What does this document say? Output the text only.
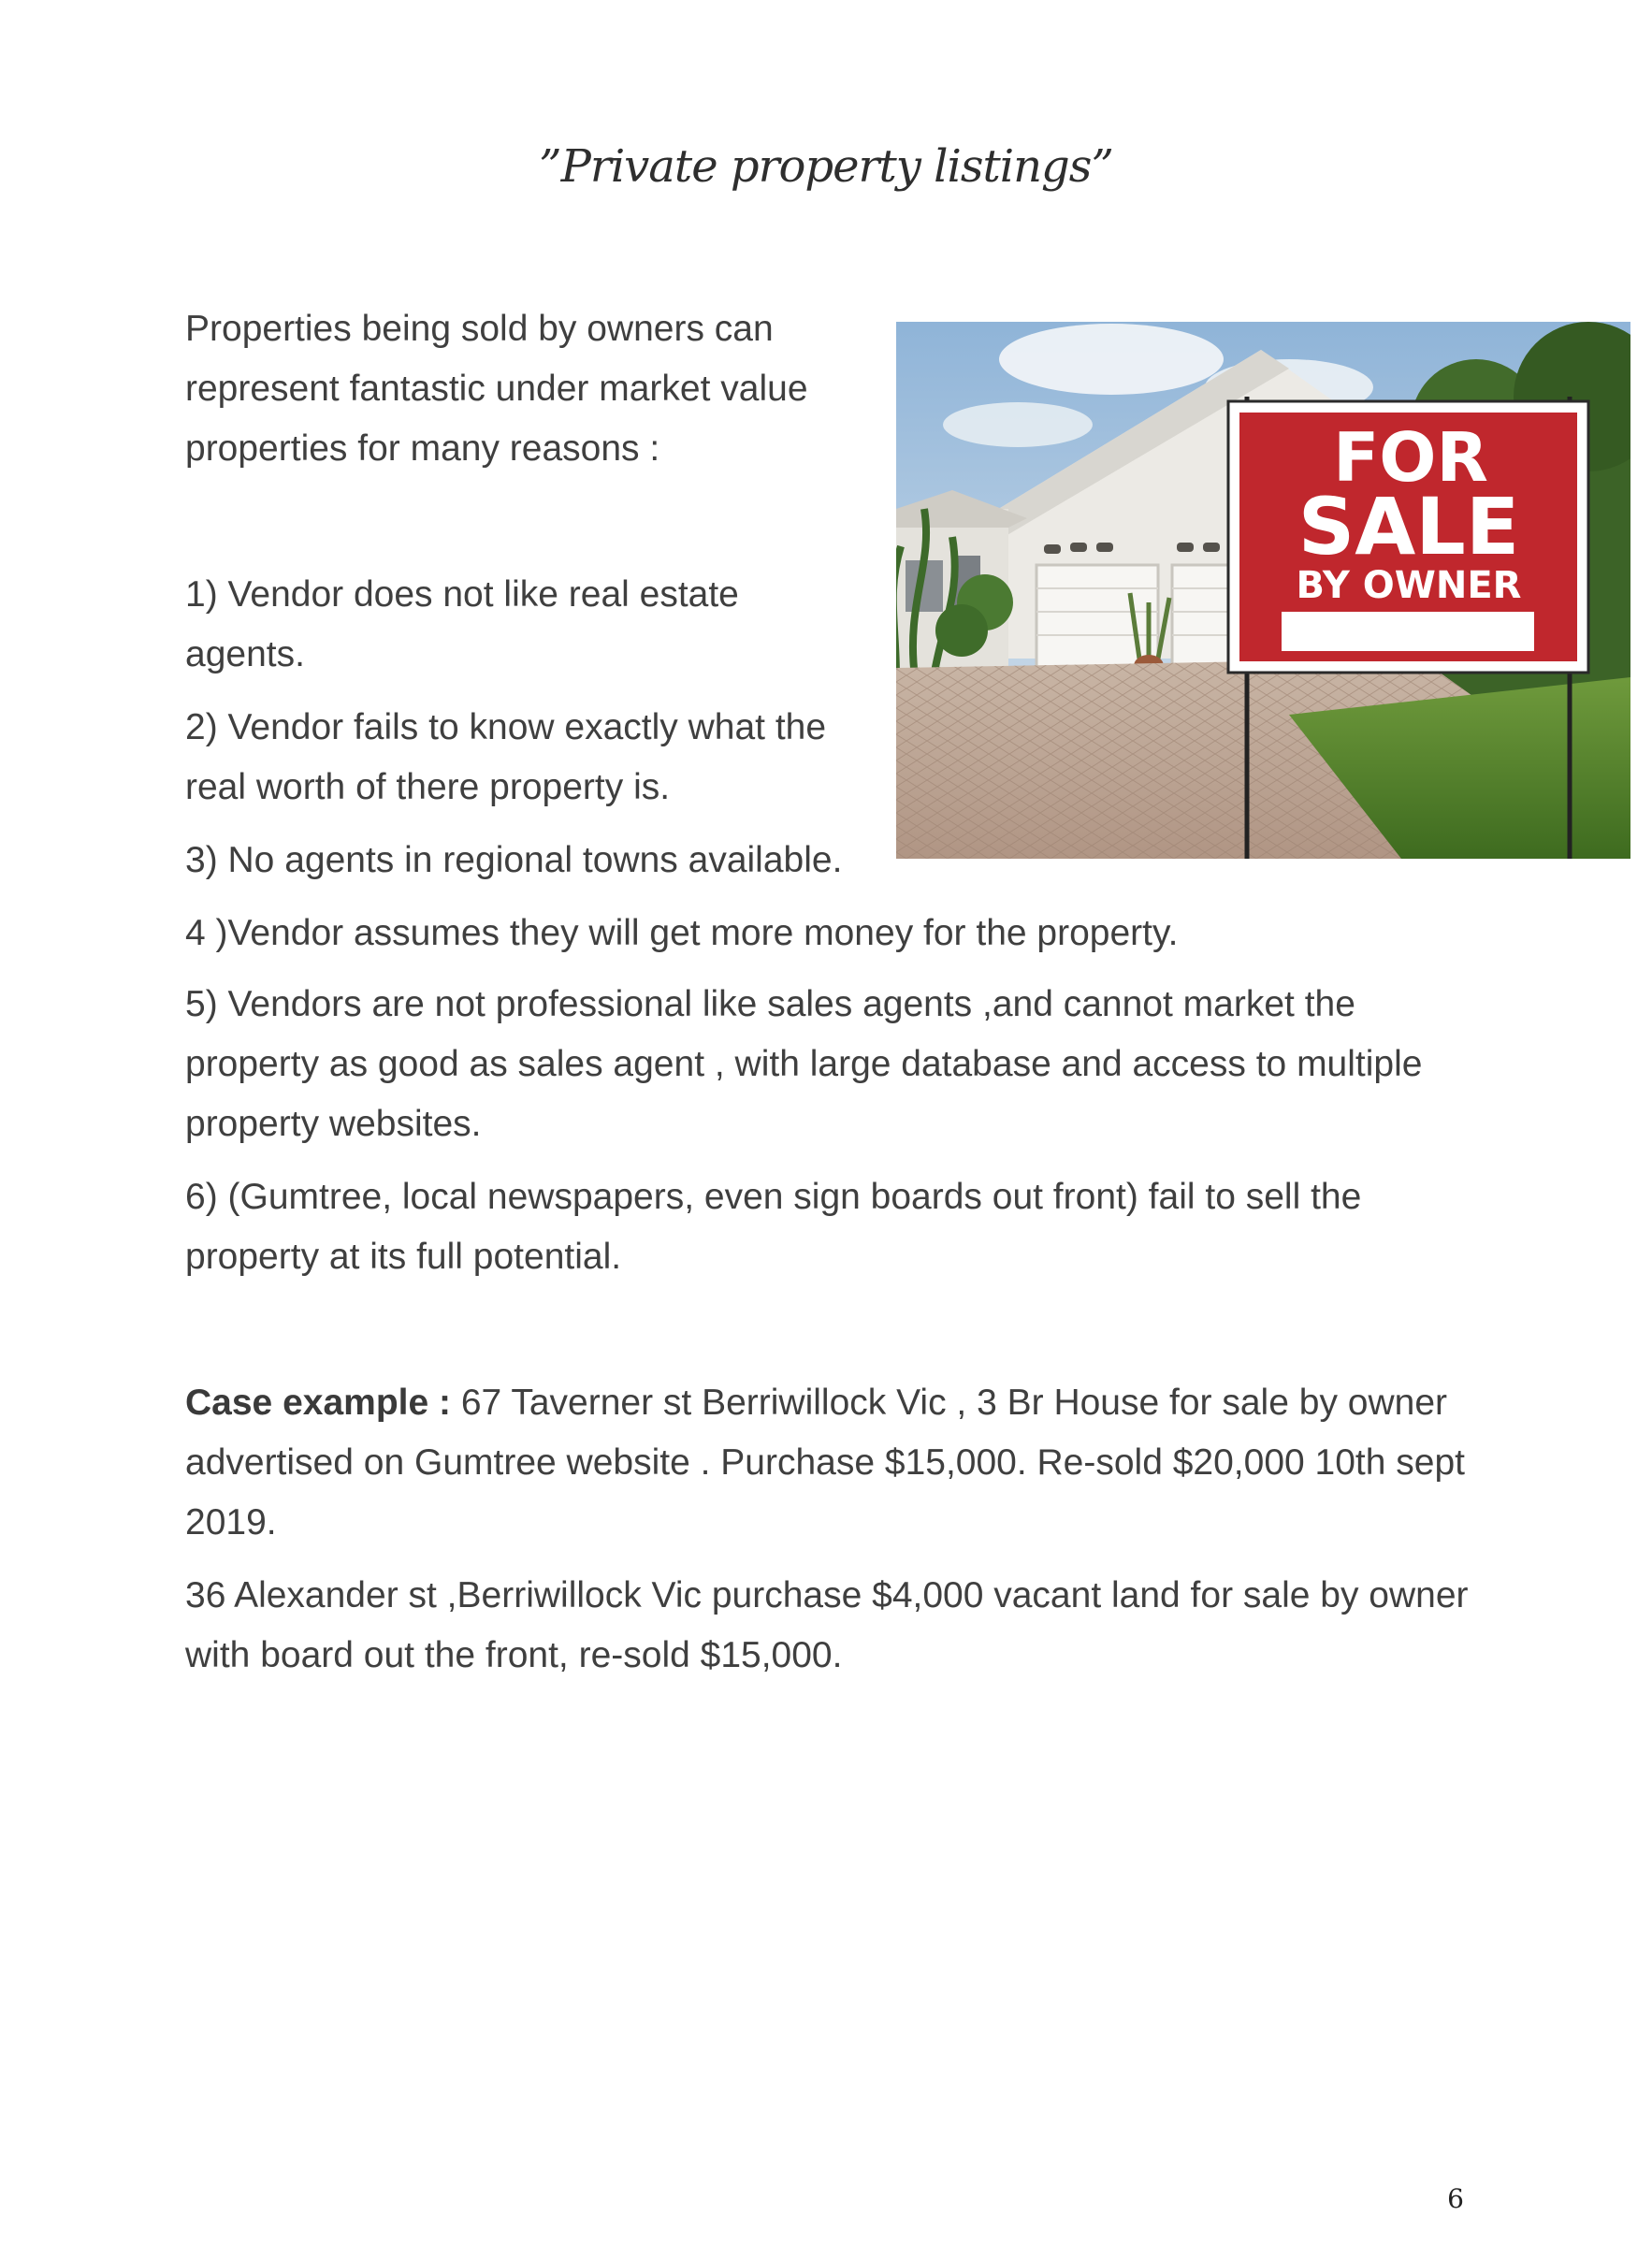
”Private property listings”

Properties being sold by owners can represent fantastic under market value properties for many reasons :

1) Vendor does not like real estate agents.

2) Vendor fails to know exactly what the real worth of there property is.

3) No agents in regional towns available.

4 )Vendor assumes they will get more money for the property.

5) Vendors are not professional like sales agents ,and cannot market the property as good as sales agent , with large database and access to multiple property websites.

6) (Gumtree, local newspapers, even sign boards out front) fail to sell the property at its full potential.

Case example : 67 Taverner st Berriwillock Vic , 3 Br House for sale by owner advertised on Gumtree website . Purchase $15,000. Re-sold $20,000 10th sept 2019.

36 Alexander st ,Berriwillock Vic purchase $4,000 vacant land for sale by owner with board out the front, re-sold $15,000.

FOR
SALE
BY OWNER
6
